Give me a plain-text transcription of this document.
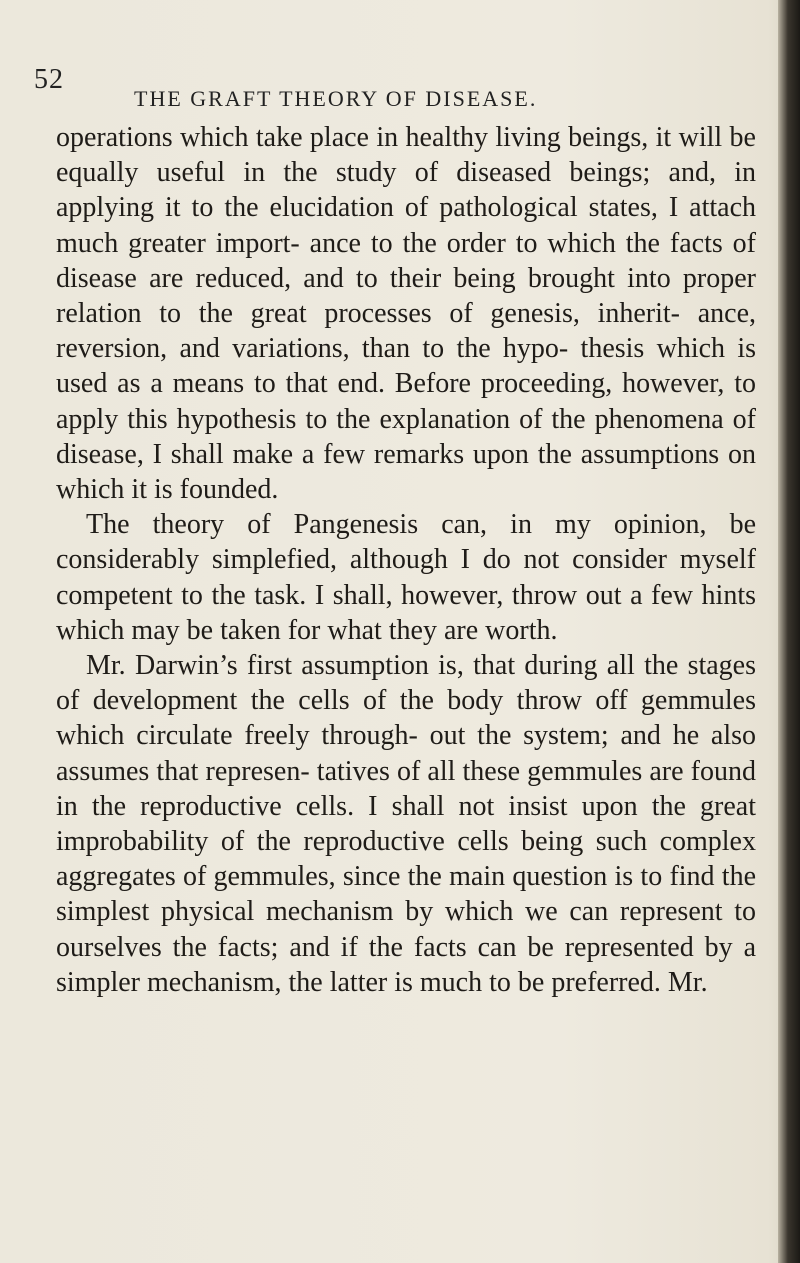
52
THE GRAFT THEORY OF DISEASE.

operations which take place in healthy living beings, it will be equally useful in the study of diseased beings; and, in applying it to the elucidation of pathological states, I attach much greater import- ance to the order to which the facts of disease are reduced, and to their being brought into proper relation to the great processes of genesis, inherit- ance, reversion, and variations, than to the hypo- thesis which is used as a means to that end. Before proceeding, however, to apply this hypothesis to the explanation of the phenomena of disease, I shall make a few remarks upon the assumptions on which it is founded.

The theory of Pangenesis can, in my opinion, be considerably simplefied, although I do not consider myself competent to the task. I shall, however, throw out a few hints which may be taken for what they are worth.

Mr. Darwin’s first assumption is, that during all the stages of development the cells of the body throw off gemmules which circulate freely through- out the system; and he also assumes that represen- tatives of all these gemmules are found in the reproductive cells. I shall not insist upon the great improbability of the reproductive cells being such complex aggregates of gemmules, since the main question is to find the simplest physical mechanism by which we can represent to ourselves the facts; and if the facts can be represented by a simpler mechanism, the latter is much to be preferred. Mr.
